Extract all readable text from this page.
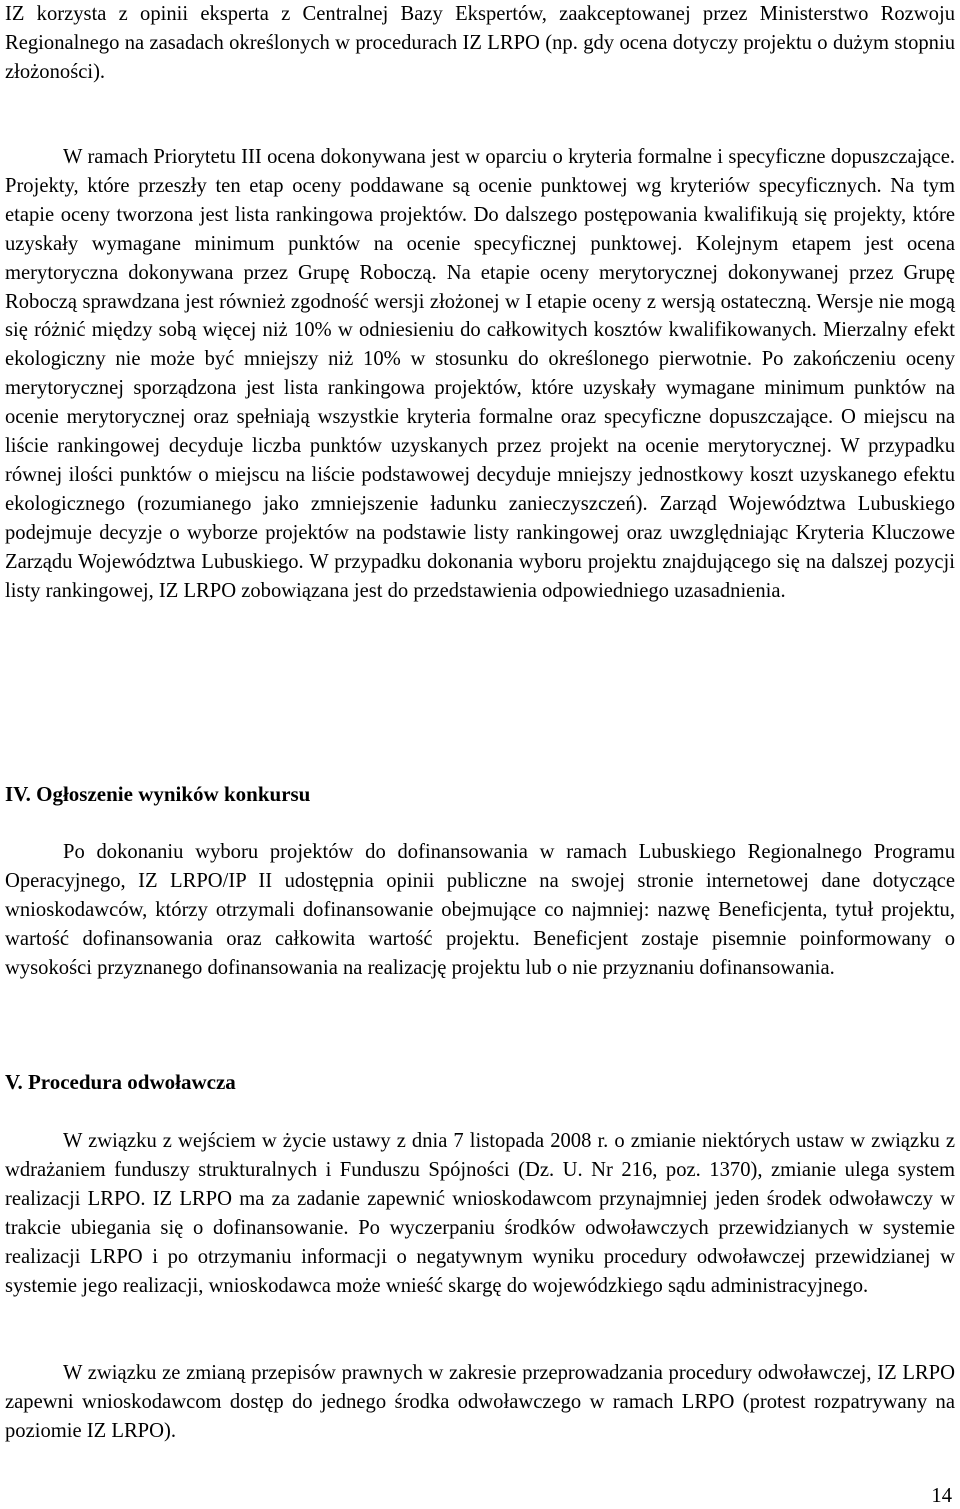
IZ korzysta z opinii eksperta z Centralnej Bazy Ekspertów, zaakceptowanej przez Ministerstwo Rozwoju Regionalnego na zasadach określonych w procedurach IZ LRPO (np. gdy ocena dotyczy projektu o dużym stopniu złożoności).

W ramach Priorytetu III ocena dokonywana jest w oparciu o kryteria formalne i specyficzne dopuszczające. Projekty, które przeszły ten etap oceny poddawane są ocenie punktowej wg kryteriów specyficznych. Na tym etapie oceny tworzona jest lista rankingowa projektów. Do dalszego postępowania kwalifikują się projekty, które uzyskały wymagane minimum punktów na ocenie specyficznej punktowej. Kolejnym etapem jest ocena merytoryczna dokonywana przez Grupę Roboczą. Na etapie oceny merytorycznej dokonywanej przez Grupę Roboczą sprawdzana jest również zgodność wersji złożonej w I etapie oceny z wersją ostateczną. Wersje nie mogą się różnić między sobą więcej niż 10% w odniesieniu do całkowitych kosztów kwalifikowanych. Mierzalny efekt ekologiczny nie może być mniejszy niż 10% w stosunku do określonego pierwotnie. Po zakończeniu oceny merytorycznej sporządzona jest lista rankingowa projektów, które uzyskały wymagane minimum punktów na ocenie merytorycznej oraz spełniają wszystkie kryteria formalne oraz specyficzne dopuszczające. O miejscu na liście rankingowej decyduje liczba punktów uzyskanych przez projekt na ocenie merytorycznej. W przypadku równej ilości punktów o miejscu na liście podstawowej decyduje mniejszy jednostkowy koszt uzyskanego efektu ekologicznego (rozumianego jako zmniejszenie ładunku zanieczyszczeń). Zarząd Województwa Lubuskiego podejmuje decyzje o wyborze projektów na podstawie listy rankingowej oraz uwzględniając Kryteria Kluczowe Zarządu Województwa Lubuskiego. W przypadku dokonania wyboru projektu znajdującego się na dalszej pozycji listy rankingowej, IZ LRPO zobowiązana jest do przedstawienia odpowiedniego uzasadnienia.

IV. Ogłoszenie wyników konkursu

Po dokonaniu wyboru projektów do dofinansowania w ramach Lubuskiego Regionalnego Programu Operacyjnego, IZ LRPO/IP II udostępnia opinii publiczne na swojej stronie internetowej dane dotyczące wnioskodawców, którzy otrzymali dofinansowanie obejmujące co najmniej: nazwę Beneficjenta, tytuł projektu, wartość dofinansowania oraz całkowita wartość projektu. Beneficjent zostaje pisemnie poinformowany o wysokości przyznanego dofinansowania na realizację projektu lub o nie przyznaniu dofinansowania.

V. Procedura odwoławcza

W związku z wejściem w życie ustawy z dnia 7 listopada 2008 r. o zmianie niektórych ustaw w związku z wdrażaniem funduszy strukturalnych i Funduszu Spójności (Dz. U. Nr 216, poz. 1370), zmianie ulega system realizacji LRPO. IZ LRPO ma za zadanie zapewnić wnioskodawcom przynajmniej jeden środek odwoławczy w trakcie ubiegania się o dofinansowanie. Po wyczerpaniu środków odwoławczych przewidzianych w systemie realizacji LRPO i po otrzymaniu informacji o negatywnym wyniku procedury odwoławczej przewidzianej w systemie jego realizacji, wnioskodawca może wnieść skargę do wojewódzkiego sądu administracyjnego.

W związku ze zmianą przepisów prawnych w zakresie przeprowadzania procedury odwoławczej, IZ LRPO zapewni wnioskodawcom dostęp do jednego środka odwoławczego w ramach LRPO (protest rozpatrywany na poziomie IZ LRPO).

14
